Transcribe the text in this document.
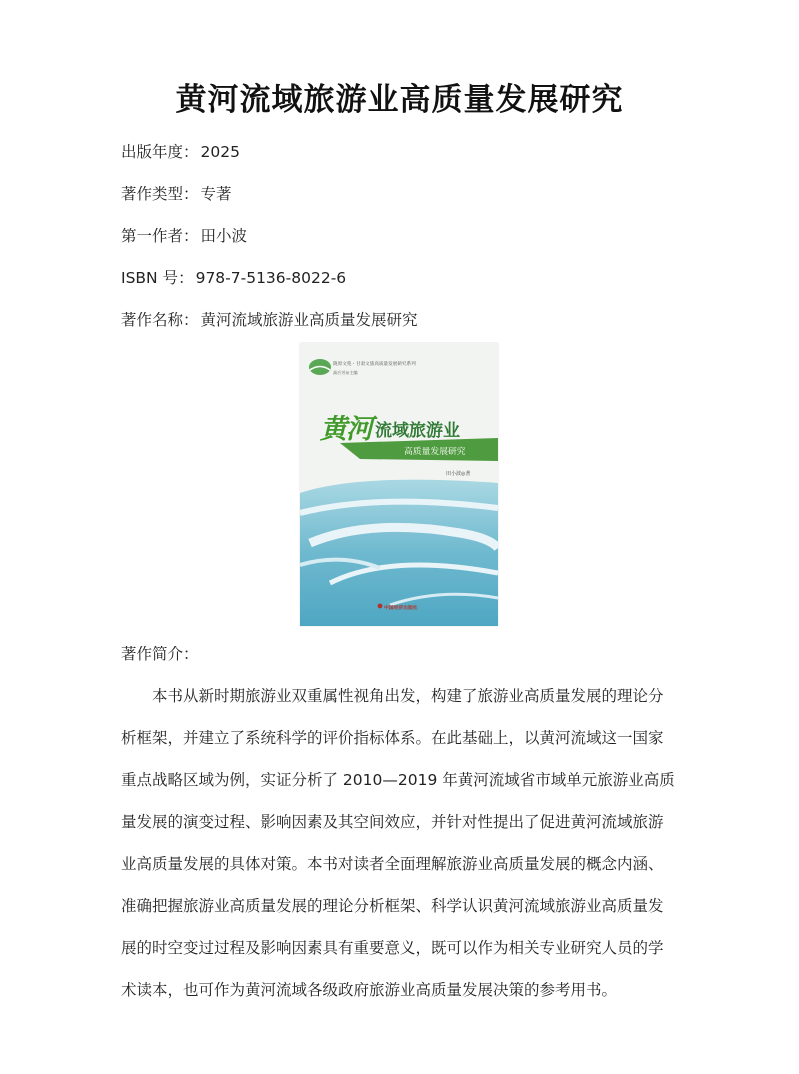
黄河流域旅游业高质量发展研究
出版年度： 2025
著作类型： 专著
第一作者： 田小波
ISBN 号： 978-7-5136-8022-6
著作名称： 黄河流域旅游业高质量发展研究
陇原文苑・甘肃文旅高质量发展研究系列
高应芳◎主编
黄河 流域旅游业
高质量发展研究
田小波◎著
中国经济出版社
著作简介：
本书从新时期旅游业双重属性视角出发，构建了旅游业高质量发展的理论分
析框架，并建立了系统科学的评价指标体系。在此基础上，以黄河流域这一国家
重点战略区域为例，实证分析了 2010—2019 年黄河流域省市域单元旅游业高质
量发展的演变过程、影响因素及其空间效应，并针对性提出了促进黄河流域旅游
业高质量发展的具体对策。本书对读者全面理解旅游业高质量发展的概念内涵、
准确把握旅游业高质量发展的理论分析框架、科学认识黄河流域旅游业高质量发
展的时空变过过程及影响因素具有重要意义，既可以作为相关专业研究人员的学
术读本，也可作为黄河流域各级政府旅游业高质量发展决策的参考用书。
